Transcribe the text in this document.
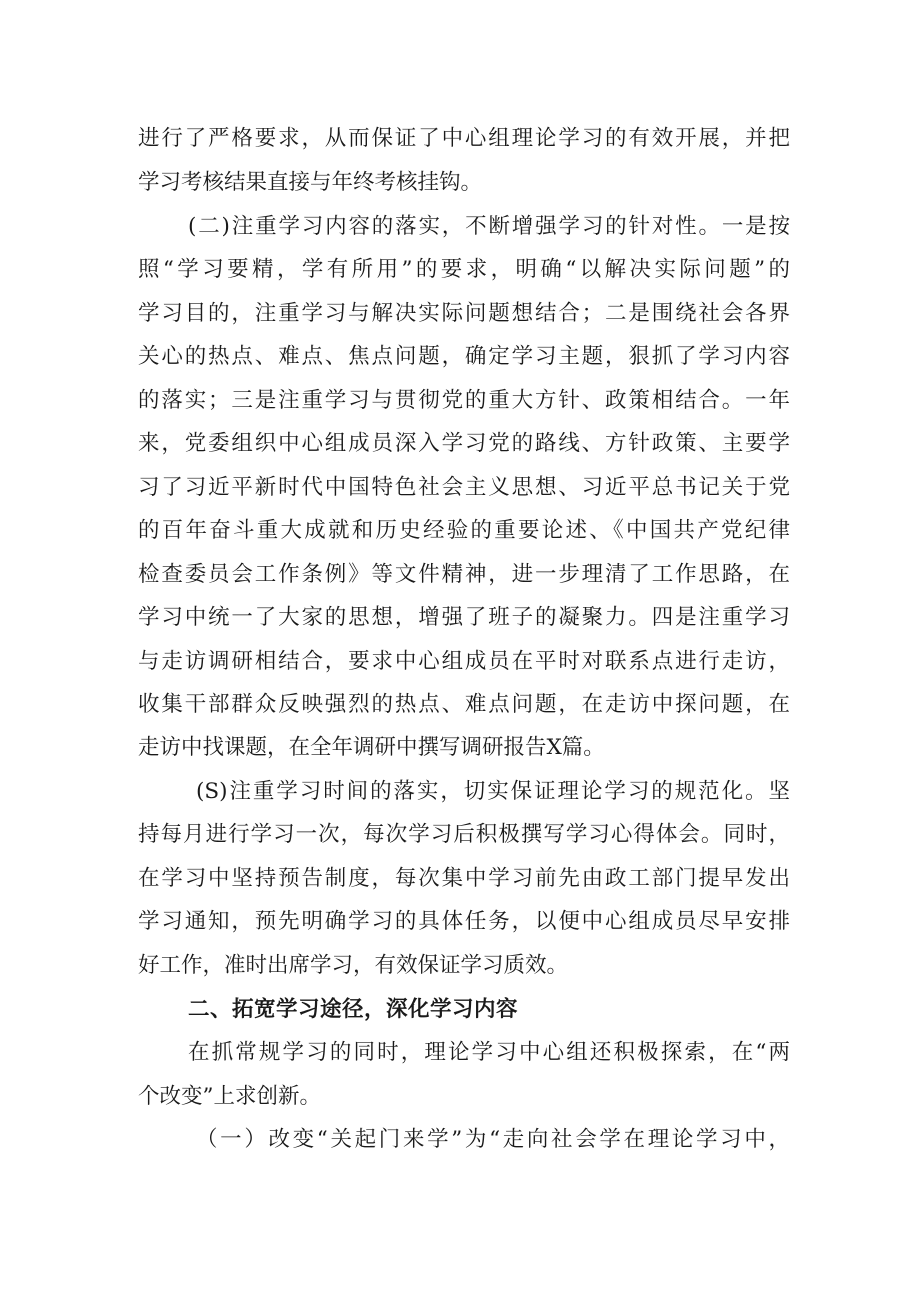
进行了严格要求，从而保证了中心组理论学习的有效开展，并把
学习考核结果直接与年终考核挂钩。
(二)注重学习内容的落实，不断增强学习的针对性。一是按
照“学习要精，学有所用”的要求，明确“以解决实际问题”的
学习目的，注重学习与解决实际问题想结合；二是围绕社会各界
关心的热点、难点、焦点问题，确定学习主题，狠抓了学习内容
的落实；三是注重学习与贯彻党的重大方针、政策相结合。一年
来，党委组织中心组成员深入学习党的路线、方针政策、主要学
习了习近平新时代中国特色社会主义思想、习近平总书记关于党
的百年奋斗重大成就和历史经验的重要论述、《中国共产党纪律
检查委员会工作条例》等文件精神，进一步理清了工作思路，在
学习中统一了大家的思想，增强了班子的凝聚力。四是注重学习
与走访调研相结合，要求中心组成员在平时对联系点进行走访，
收集干部群众反映强烈的热点、难点问题，在走访中探问题，在
走访中找课题，在全年调研中撰写调研报告X篇。
(S)注重学习时间的落实，切实保证理论学习的规范化。坚
持每月进行学习一次，每次学习后积极撰写学习心得体会。同时，
在学习中坚持预告制度，每次集中学习前先由政工部门提早发出
学习通知，预先明确学习的具体任务，以便中心组成员尽早安排
好工作，准时出席学习，有效保证学习质效。
二、拓宽学习途径，深化学习内容
在抓常规学习的同时，理论学习中心组还积极探索，在“两
个改变”上求创新。
（一）改变“关起门来学”为“走向社会学在理论学习中，
